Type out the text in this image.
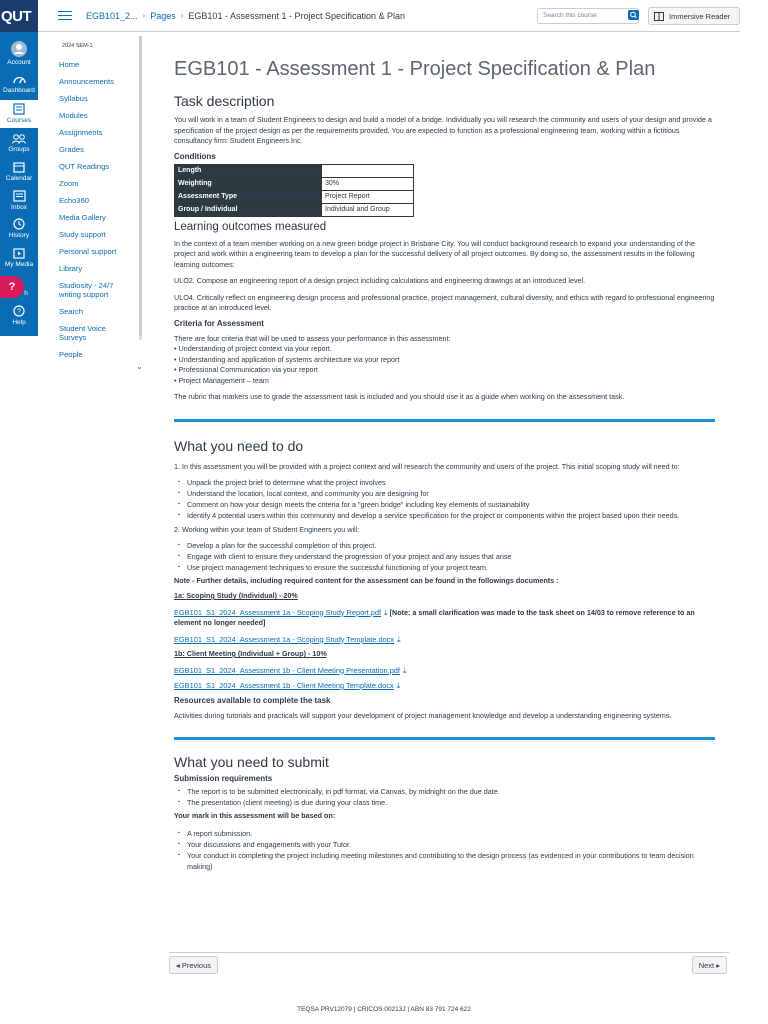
QUT
Account
Dashboard
Courses
Groups
Calendar
Inbox
History
My Media
?
h
?
Help
⌄
EGB101_2... › Pages › EGB101 - Assessment 1 - Project Specification & Plan	Search this course	Immersive Reader
2024 SEM-1
Home
Announcements
Syllabus
Modules
Assignments
Grades
QUT Readings
Zoom
Echo360
Media Gallery
Study support
Personal support
Library
Studiosity - 24/7 writing support
Search
Student Voice Surveys
People
⌄
EGB101 - Assessment 1 - Project Specification & Plan
Task description

You will work in a team of Student Engineers to design and build a model of a bridge. Individually you will research the community and users of your design and provide a specification of the project design as per the requirements provided. You are expected to function as a professional engineering team, working within a fictitious consultancy firm: Student Engineers Inc.

Conditions
Length	
Weighting	30%
Assessment Type	Project Report
Group / Individual	Individual and Group
Learning outcomes measured

In the context of a team member working on a new green bridge project in Brisbane City. You will conduct background research to expand your understanding of the project and work within a engineering team to develop a plan for the successful delivery of all project outcomes. By doing so, the assessment results in the following learning outcomes:

ULO2. Compose an engineering report of a design project including calculations and engineering drawings at an introduced level.

ULO4. Critically reflect on engineering design process and professional practice, project management, cultural diversity, and ethics with regard to professional engineering practice at an introduced level.

Criteria for Assessment

There are four criteria that will be used to assess your performance in this assessment:

• Understanding of project context via your report.

• Understanding and application of systems architecture via your report

• Professional Communication via your report

• Project Management – team

The rubric that markers use to grade the assessment task is included and you should use it as a guide when working on the assessment task.

What you need to do

1. In this assessment you will be provided with a project context and will research the community and users of the project. This initial scoping study will need to:

▪ Unpack the project brief to determine what the project involves
▪ Understand the location, local context, and community you are designing for
▪ Comment on how your design meets the criteria for a "green bridge" including key elements of sustainability
▪ Identify 4 potential users within this community and develop a service specification for the project or components within the project based upon their needs.

2. Working within your team of Student Engineers you will:

▪ Develop a plan for the successful completion of this project.
▪ Engage with client to ensure they understand the progression of your project and any issues that arise
▪ Use project management techniques to ensure the successful functioning of your project team.

Note - Further details, including required content for the assessment can be found in the followings documents :

1a: Scoping Study (Individual) - 20%

EGB101_S1_2024_Assessment 1a - Scoping Study Report.pdf ⤓ [Note: a small clarification was made to the task sheet on 14/03 to remove reference to an element no longer needed]

EGB101_S1_2024_Assessment 1a - Scoping Study Template.docx ⤓

1b: Client Meeting (Individual + Group) - 10%

EGB101_S1_2024_Assessment 1b - Client Meeting Presentation.pdf ⤓

EGB101_S1_2024_Assessment 1b - Client Meeting Template.docx ⤓

Resources available to complete the task

Activities during tutorials and practicals will support your development of project management knowledge and develop a understanding engineering systems.

What you need to submit
Submission requirements
▪ The report is to be submitted electronically, in pdf format, via Canvas, by midnight on the due date.
▪ The presentation (client meeting) is due during your class time.

Your mark in this assessment will be based on:

▪ A report submission.
▪ Your discussions and engagements with your Tutor.
▪ Your conduct in completing the project including meeting milestones and contributing to the design process (as evidenced in your contributions to team decision making)
◂ Previous	Next ▸
TEQSA PRV12079 | CRICOS 00213J | ABN 83 791 724 622
